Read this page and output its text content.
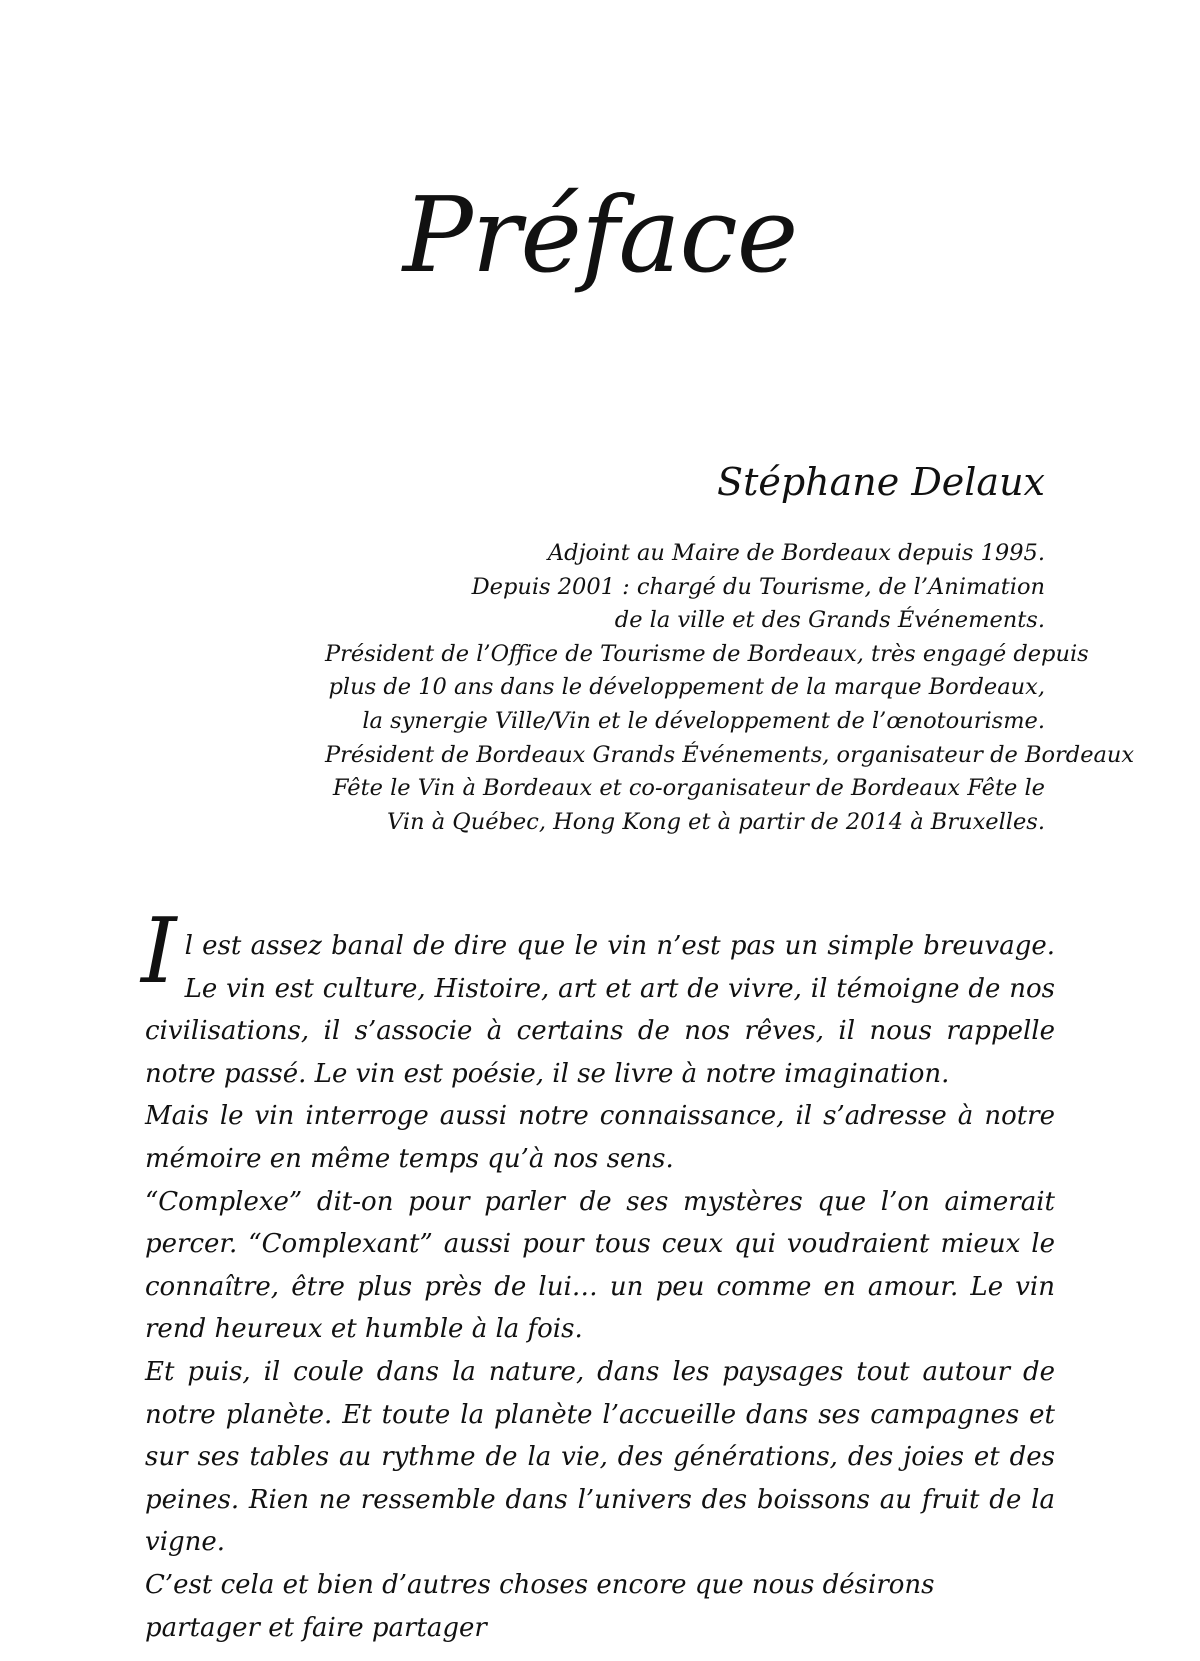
Préface
Stéphane Delaux
Adjoint au Maire de Bordeaux depuis 1995.
Depuis 2001 : chargé du Tourisme, de l’Animation
de la ville et des Grands Événements.
Président de l’Office de Tourisme de Bordeaux, très engagé depuis
plus de 10 ans dans le développement de la marque Bordeaux,
la synergie Ville/Vin et le développement de l’œnotourisme.
Président de Bordeaux Grands Événements, organisateur de Bordeaux
Fête le Vin à Bordeaux et co-organisateur de Bordeaux Fête le
Vin à Québec, Hong Kong et à partir de 2014 à Bruxelles.

I l est assez banal de dire que le vin n’est pas un simple breuvage. Le vin est culture, Histoire, art et art de vivre, il témoigne de nos civilisations, il s’associe à certains de nos rêves, il nous rappelle notre passé. Le vin est poésie, il se livre à notre imagination.

Mais le vin interroge aussi notre connaissance, il s’adresse à notre mémoire en même temps qu’à nos sens.

“Complexe” dit-on pour parler de ses mystères que l’on aimerait percer. “Complexant” aussi pour tous ceux qui voudraient mieux le connaître, être plus près de lui… un peu comme en amour. Le vin rend heureux et humble à la fois.

Et puis, il coule dans la nature, dans les paysages tout autour de notre planète. Et toute la planète l’accueille dans ses campagnes et sur ses tables au rythme de la vie, des générations, des joies et des peines. Rien ne ressemble dans l’univers des boissons au fruit de la vigne.

C’est cela et bien d’autres choses encore que nous désirons partager et faire partager
